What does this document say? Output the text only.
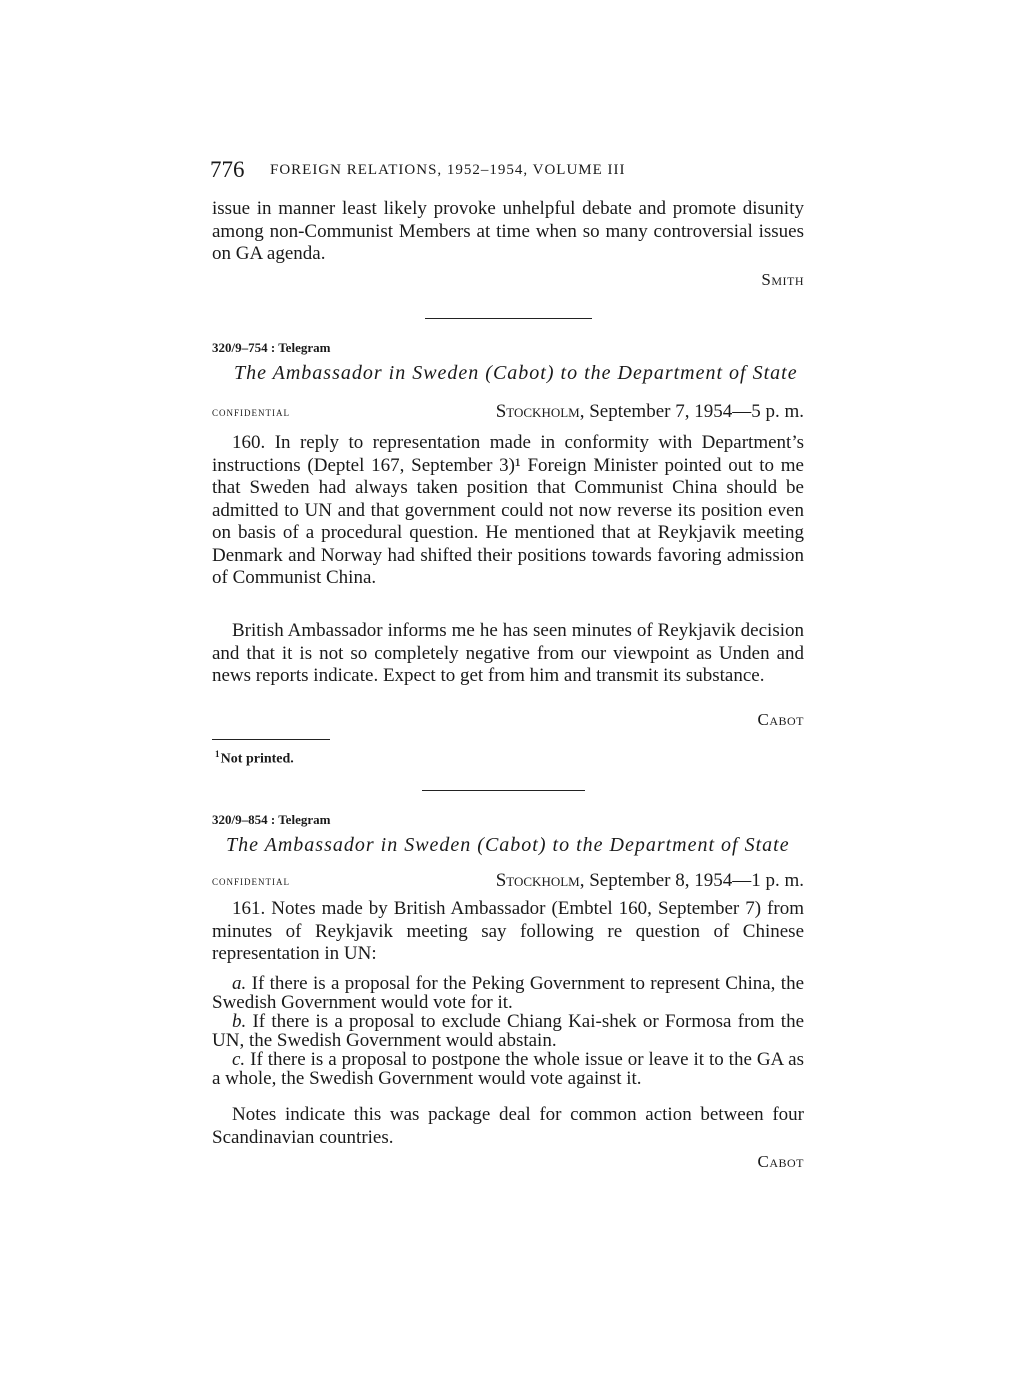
776 FOREIGN RELATIONS, 1952–1954, VOLUME III

issue in manner least likely provoke unhelpful debate and promote disunity among non-Communist Members at time when so many controversial issues on GA agenda.

Smith
320/9–754 : Telegram
The Ambassador in Sweden (Cabot) to the Department of State
confidential	Stockholm, September 7, 1954—5 p. m.

160. In reply to representation made in conformity with Department’s instructions (Deptel 167, September 3)¹ Foreign Minister pointed out to me that Sweden had always taken position that Communist China should be admitted to UN and that government could not now reverse its position even on basis of a procedural question. He mentioned that at Reykjavik meeting Denmark and Norway had shifted their positions towards favoring admission of Communist China.

British Ambassador informs me he has seen minutes of Reykjavik decision and that it is not so completely negative from our viewpoint as Unden and news reports indicate. Expect to get from him and transmit its substance.

Cabot
$^1$ Not printed.
320/9–854 : Telegram
The Ambassador in Sweden (Cabot) to the Department of State
confidential	Stockholm, September 8, 1954—1 p. m.

161. Notes made by British Ambassador (Embtel 160, September 7) from minutes of Reykjavik meeting say following re question of Chinese representation in UN:

a. If there is a proposal for the Peking Government to represent China, the Swedish Government would vote for it.

b. If there is a proposal to exclude Chiang Kai-shek or Formosa from the UN, the Swedish Government would abstain.

c. If there is a proposal to postpone the whole issue or leave it to the GA as a whole, the Swedish Government would vote against it.

Notes indicate this was package deal for common action between four Scandinavian countries.

Cabot
